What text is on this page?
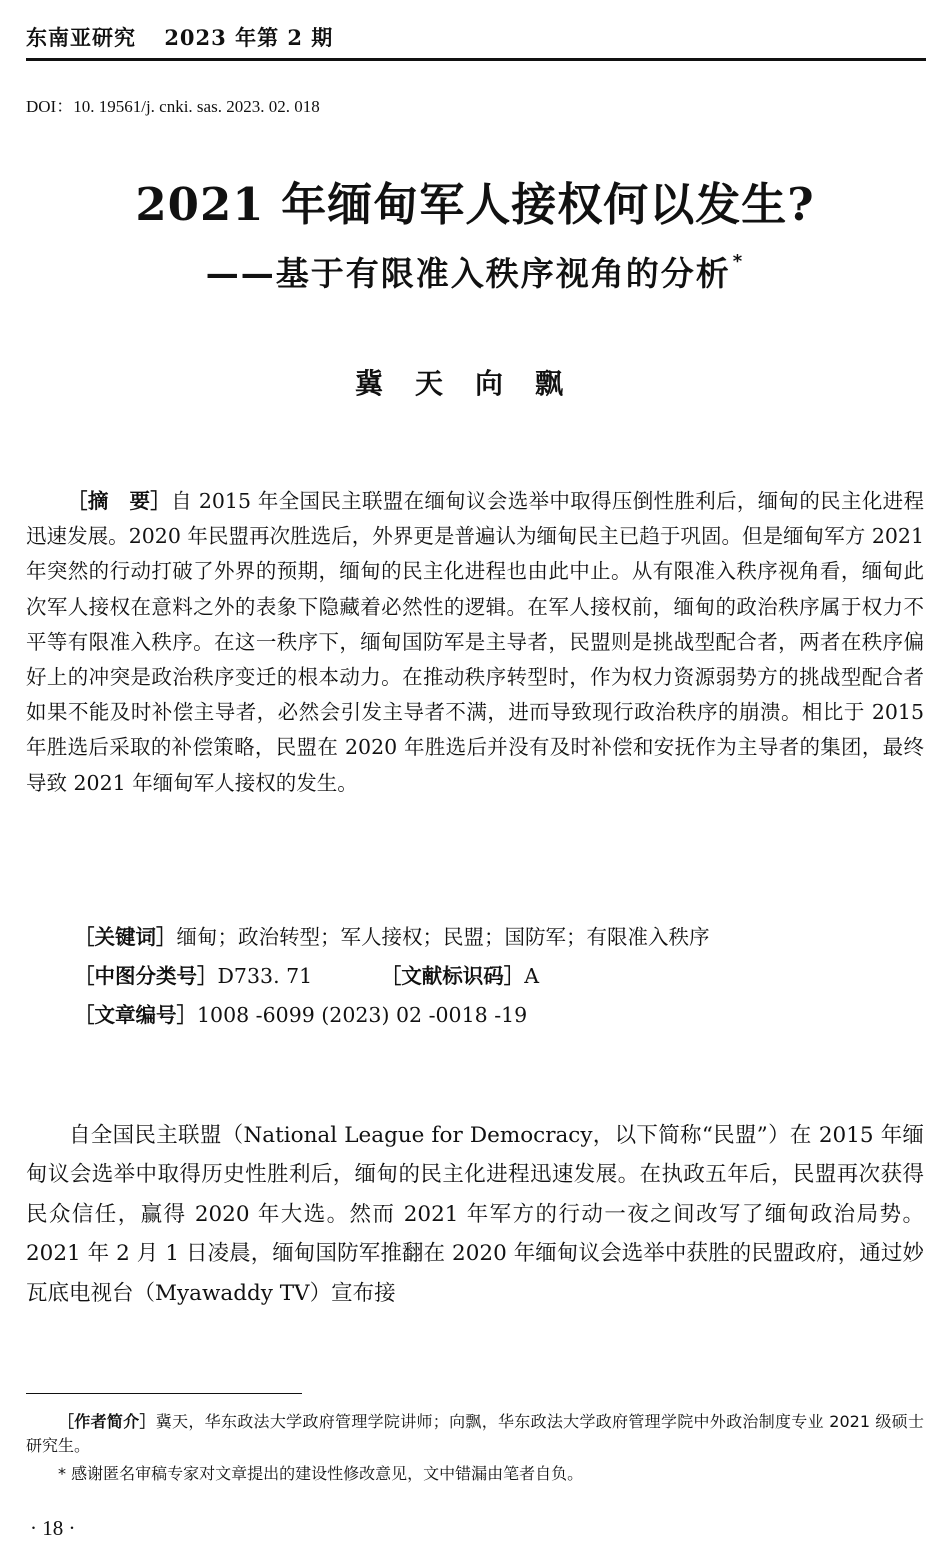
东南亚研究 2023 年第 2 期
DOI：10. 19561/j. cnki. sas. 2023. 02. 018
2021 年缅甸军人接权何以发生?
——基于有限准入秩序视角的分析 *
冀天向飘
［摘　要］自 2015 年全国民主联盟在缅甸议会选举中取得压倒性胜利后，缅甸的民主化进程迅速发展。2020 年民盟再次胜选后，外界更是普遍认为缅甸民主已趋于巩固。但是缅甸军方 2021 年突然的行动打破了外界的预期，缅甸的民主化进程也由此中止。从有限准入秩序视角看，缅甸此次军人接权在意料之外的表象下隐藏着必然性的逻辑。在军人接权前，缅甸的政治秩序属于权力不平等有限准入秩序。在这一秩序下，缅甸国防军是主导者，民盟则是挑战型配合者，两者在秩序偏好上的冲突是政治秩序变迁的根本动力。在推动秩序转型时，作为权力资源弱势方的挑战型配合者如果不能及时补偿主导者，必然会引发主导者不满，进而导致现行政治秩序的崩溃。相比于 2015 年胜选后采取的补偿策略，民盟在 2020 年胜选后并没有及时补偿和安抚作为主导者的集团，最终导致 2021 年缅甸军人接权的发生。
［关键词］缅甸；政治转型；军人接权；民盟；国防军；有限准入秩序
［中图分类号］D733. 71	［文献标识码］A
［文章编号］1008 -6099 (2023) 02 -0018 -19
自全国民主联盟（National League for Democracy，以下简称“民盟”）在 2015 年缅甸议会选举中取得历史性胜利后，缅甸的民主化进程迅速发展。在执政五年后，民盟再次获得民众信任，赢得 2020 年大选。然而 2021 年军方的行动一夜之间改写了缅甸政治局势。2021 年 2 月 1 日凌晨，缅甸国防军推翻在 2020 年缅甸议会选举中获胜的民盟政府，通过妙瓦底电视台（Myawaddy TV）宣布接
［作者简介］冀天，华东政法大学政府管理学院讲师；向飘，华东政法大学政府管理学院中外政治制度专业 2021 级硕士研究生。
* 感谢匿名审稿专家对文章提出的建设性修改意见，文中错漏由笔者自负。
· 18 ·
